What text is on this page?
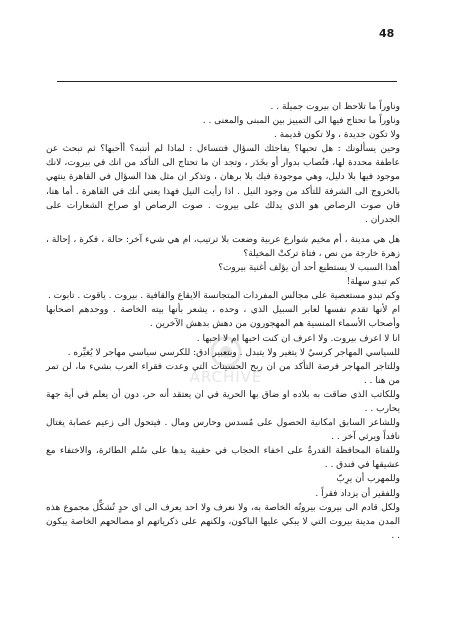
48
ARCHIVE

وناوراً ما تلاحظ ان بيروت جميلة . .

وناوراً ما تحتاج فيها الى التمييز بين المبنى والمعنى . .

ولا تكون جديدة ، ولا تكون قديمة .

وحين يسألونك : هل تحبها؟ يفاجئك السؤال فتتساءل : لماذا لم أنتبه؟ أأحبها؟ ثم تبحث عن عاطفة محددة لها، فتُصاب بدوار أو بخَدَر ، وتجد ان ما تحتاج الى التأكد من انك في بيروت، لانك موجود فيها بلا دليل، وهي موجودة فيك بلا برهان ، وتذكر ان مثل هذا السؤال في القاهرة ينتهي بالخروج الى الشرفة للتأكد من وجود النيل . اذا رأيت النيل فهذا يعني أنك في القاهرة . أما هنا، فان صوت الرصاص هو الذي يدلك على بيروت . صوت الرصاص او صراخ الشعارات على الجدران .

هل هي مدينة ، أم مخيم شوارع عربية وضعت بلا ترتيب، ام هي شيء آخر: حالة ، فكرة ، إحالة ، زهرة خارجة من نص ، فتاة تركتْ المخيلة؟

أهذا السبب لا يستطيع أحد أن يؤلف أغنية بيروت؟

كم تبدو سهلة!

وكم تبدو مستعصية على مجالس المفردات المتجانسة الايقاع والقافية . بيروت . ياقوت . تابوت .

ام لأنها تقدم نفسها لعابر السبيل الذي ، وحده ، يشعر بأنها بيته الخاصة . ووحدهم اصحابها وأصحاب الأسماء المنسية هم المهجورون من دهش بدهش الآخرين .

انا لا اعرف بيروت. ولا اعرف ان كنت احبها ام لا احبها .

للسياسي المهاجر كرسيٌ لا يتغير ولا يتبدل . وبتعبير ادق: للكرسي سياسي مهاجر لا يُغيِّره .

وللتاجر المهاجر فرصة التأكد من ان ربح الحسينات التي وعدت فقراء العرب بشيء ما، لن تمر من هنا . .

وللكاتب الذي ضاقت به بلاده او ضاق بها الحرية في ان يعتقد أنه حر، دون أن يعلم في أية جهة يحارب . .

وللشاعر السابق امكانية الحصول على مُسدس وحارس ومال . فيتحول الى زعيم عصابة يغتال نافداً ويرثي آخر . .

وللفتاة المحافظة القدرةُ على اخفاء الحجاب في حقيبة يدها على سُلم الطائرة، والاختفاء مع عشيقها في فندق . .

وللمهرب أن يرِبّ

وللفقير أن يزداد فقراً .

ولكل قادم الى بيروت بيروتُه الخاصة به، ولا نعرف ولا احد يعرف الى اي حدٍ تُشكِّل مجموع هذه المدن مدينة بيروت التي لا يبكي عليها الباكون، ولكنهم على ذكرياتهم او مصالحهم الخاصة يبكون . .
